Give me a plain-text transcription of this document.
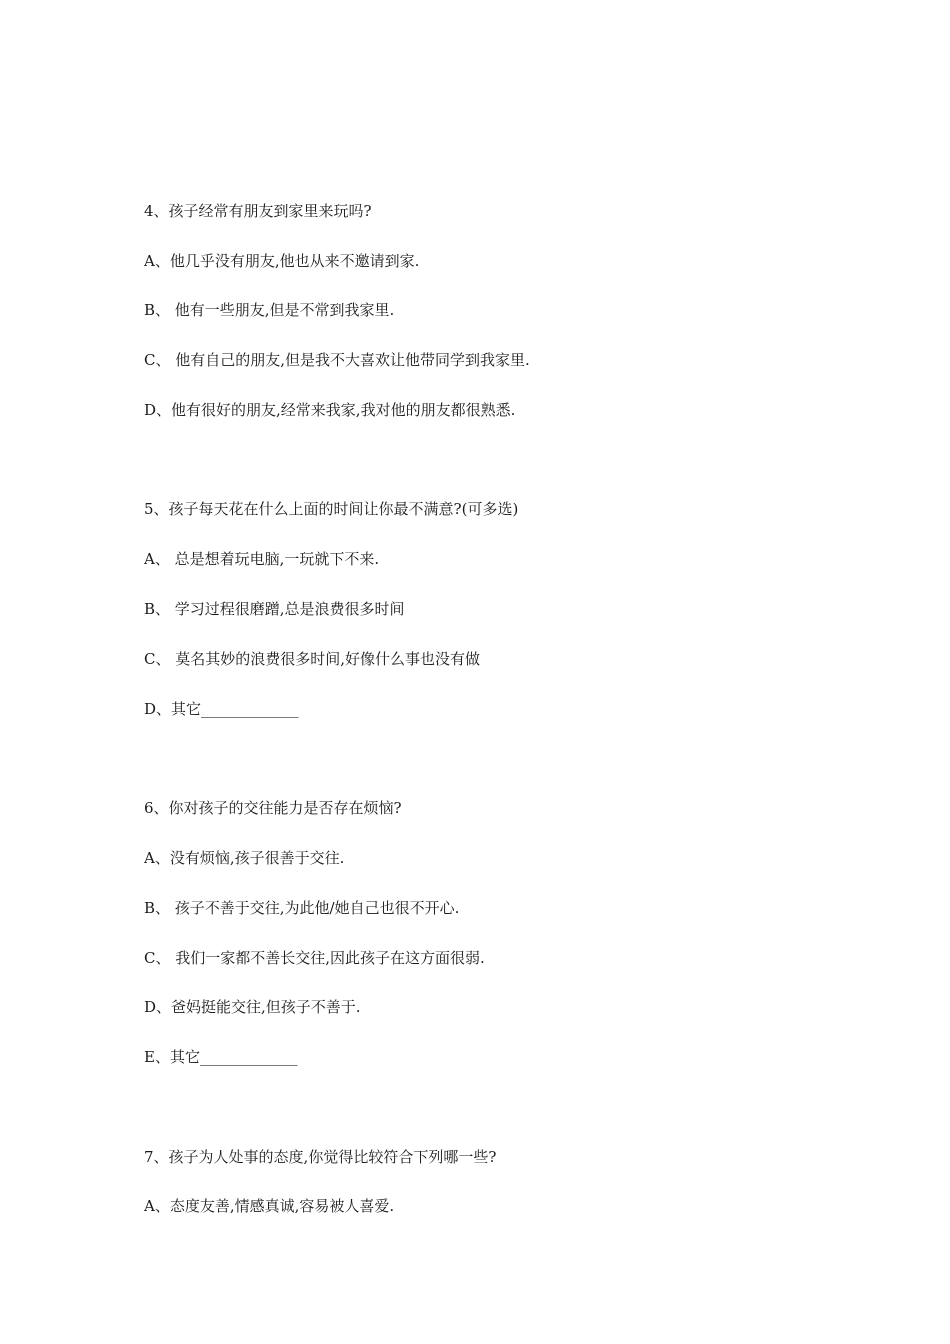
4、孩子经常有朋友到家里来玩吗?
A、他几乎没有朋友,他也从来不邀请到家.
B、 他有一些朋友,但是不常到我家里.
C、 他有自己的朋友,但是我不大喜欢让他带同学到我家里.
D、他有很好的朋友,经常来我家,我对他的朋友都很熟悉.
5、孩子每天花在什么上面的时间让你最不满意?(可多选)
A、 总是想着玩电脑,一玩就下不来.
B、 学习过程很磨蹭,总是浪费很多时间
C、 莫名其妙的浪费很多时间,好像什么事也没有做
D、其它_____________
6、你对孩子的交往能力是否存在烦恼?
A、没有烦恼,孩子很善于交往.
B、 孩子不善于交往,为此他/她自己也很不开心.
C、 我们一家都不善长交往,因此孩子在这方面很弱.
D、爸妈挺能交往,但孩子不善于.
E、其它_____________
7、孩子为人处事的态度,你觉得比较符合下列哪一些?
A、态度友善,情感真诚,容易被人喜爱.
